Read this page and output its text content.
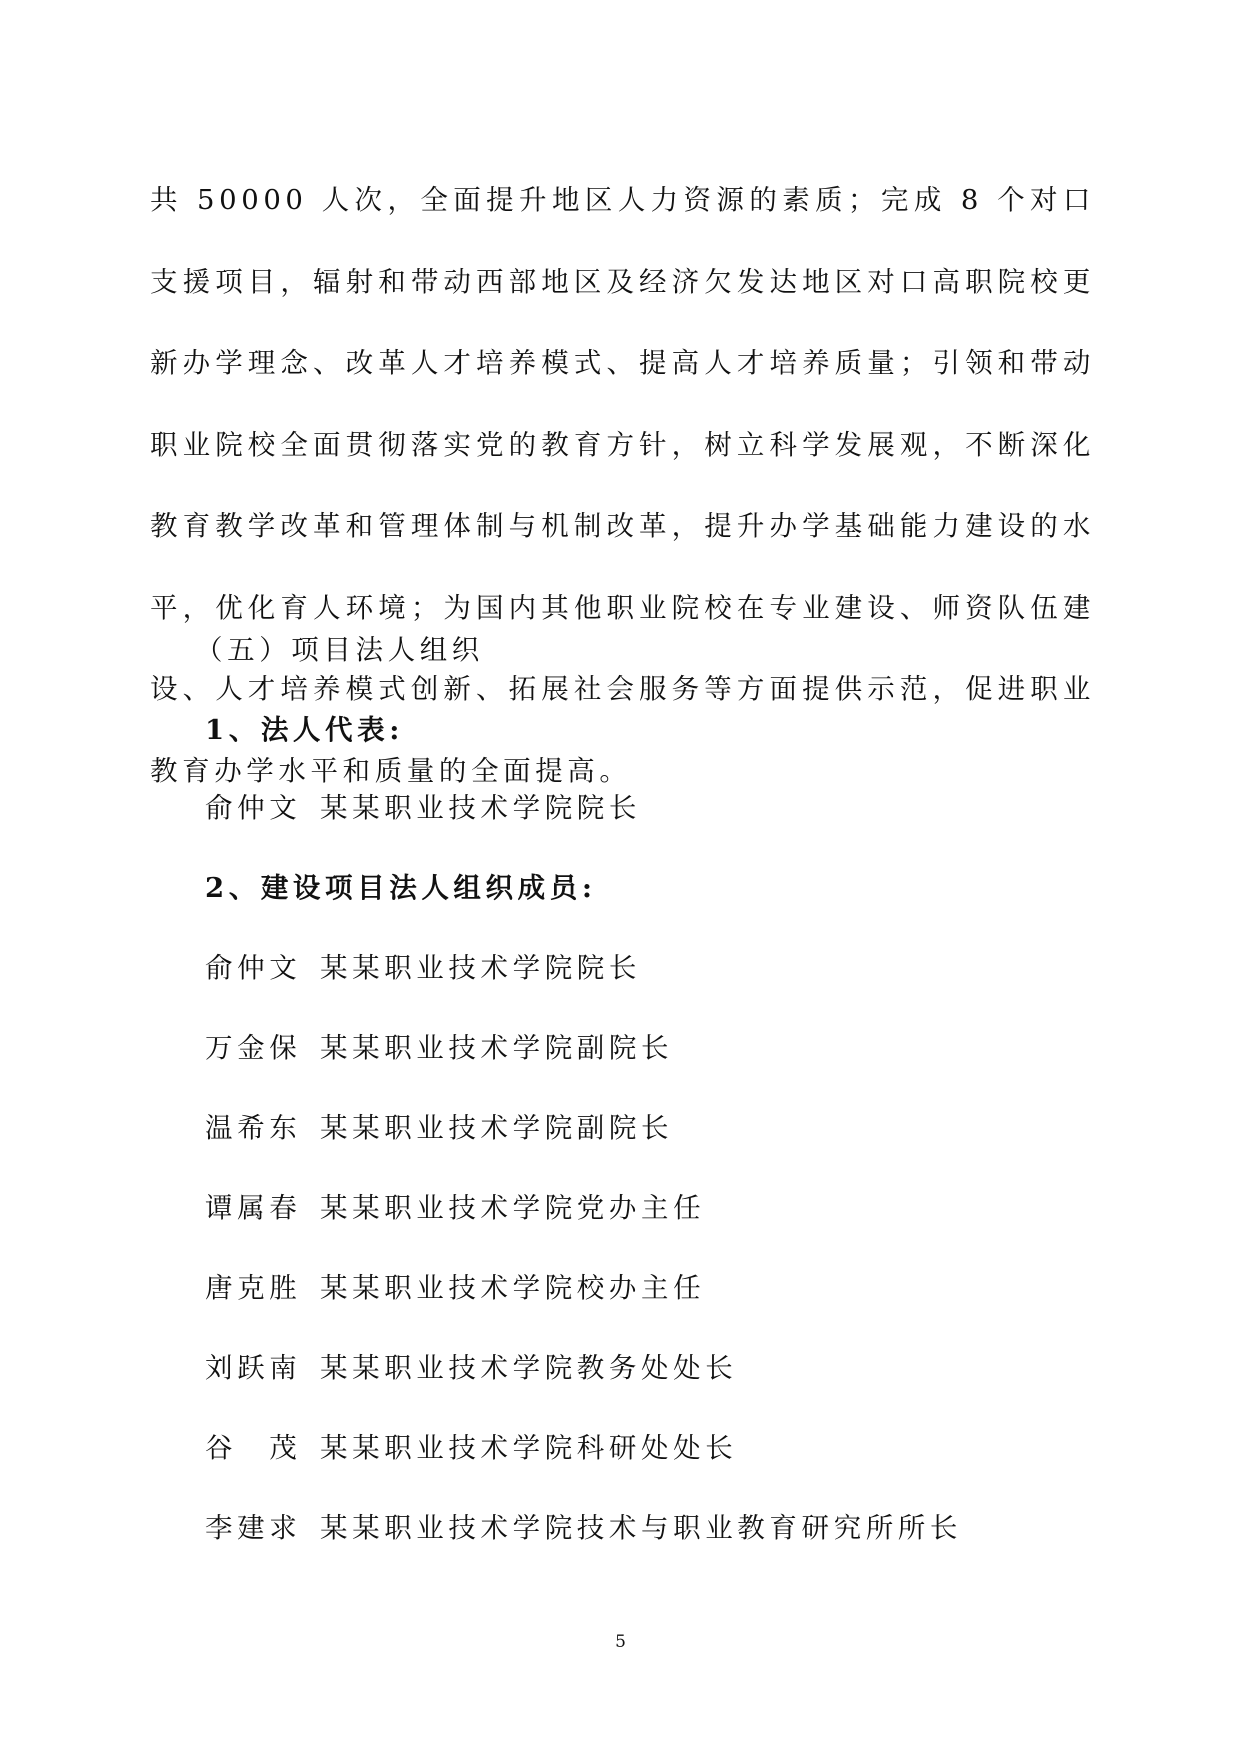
共 50000 人次，全面提升地区人力资源的素质；完成 8 个对口支援项目，辐射和带动西部地区及经济欠发达地区对口高职院校更新办学理念、改革人才培养模式、提高人才培养质量；引领和带动职业院校全面贯彻落实党的教育方针，树立科学发展观，不断深化教育教学改革和管理体制与机制改革，提升办学基础能力建设的水平，优化育人环境；为国内其他职业院校在专业建设、师资队伍建设、人才培养模式创新、拓展社会服务等方面提供示范，促进职业教育办学水平和质量的全面提高。

（五）项目法人组织
1、法人代表:
俞仲文 某某职业技术学院院长
2、建设项目法人组织成员:
俞仲文 某某职业技术学院院长
万金保 某某职业技术学院副院长
温希东 某某职业技术学院副院长
谭属春 某某职业技术学院党办主任
唐克胜 某某职业技术学院校办主任
刘跃南 某某职业技术学院教务处处长
谷　茂 某某职业技术学院科研处处长
李建求 某某职业技术学院技术与职业教育研究所所长
5
